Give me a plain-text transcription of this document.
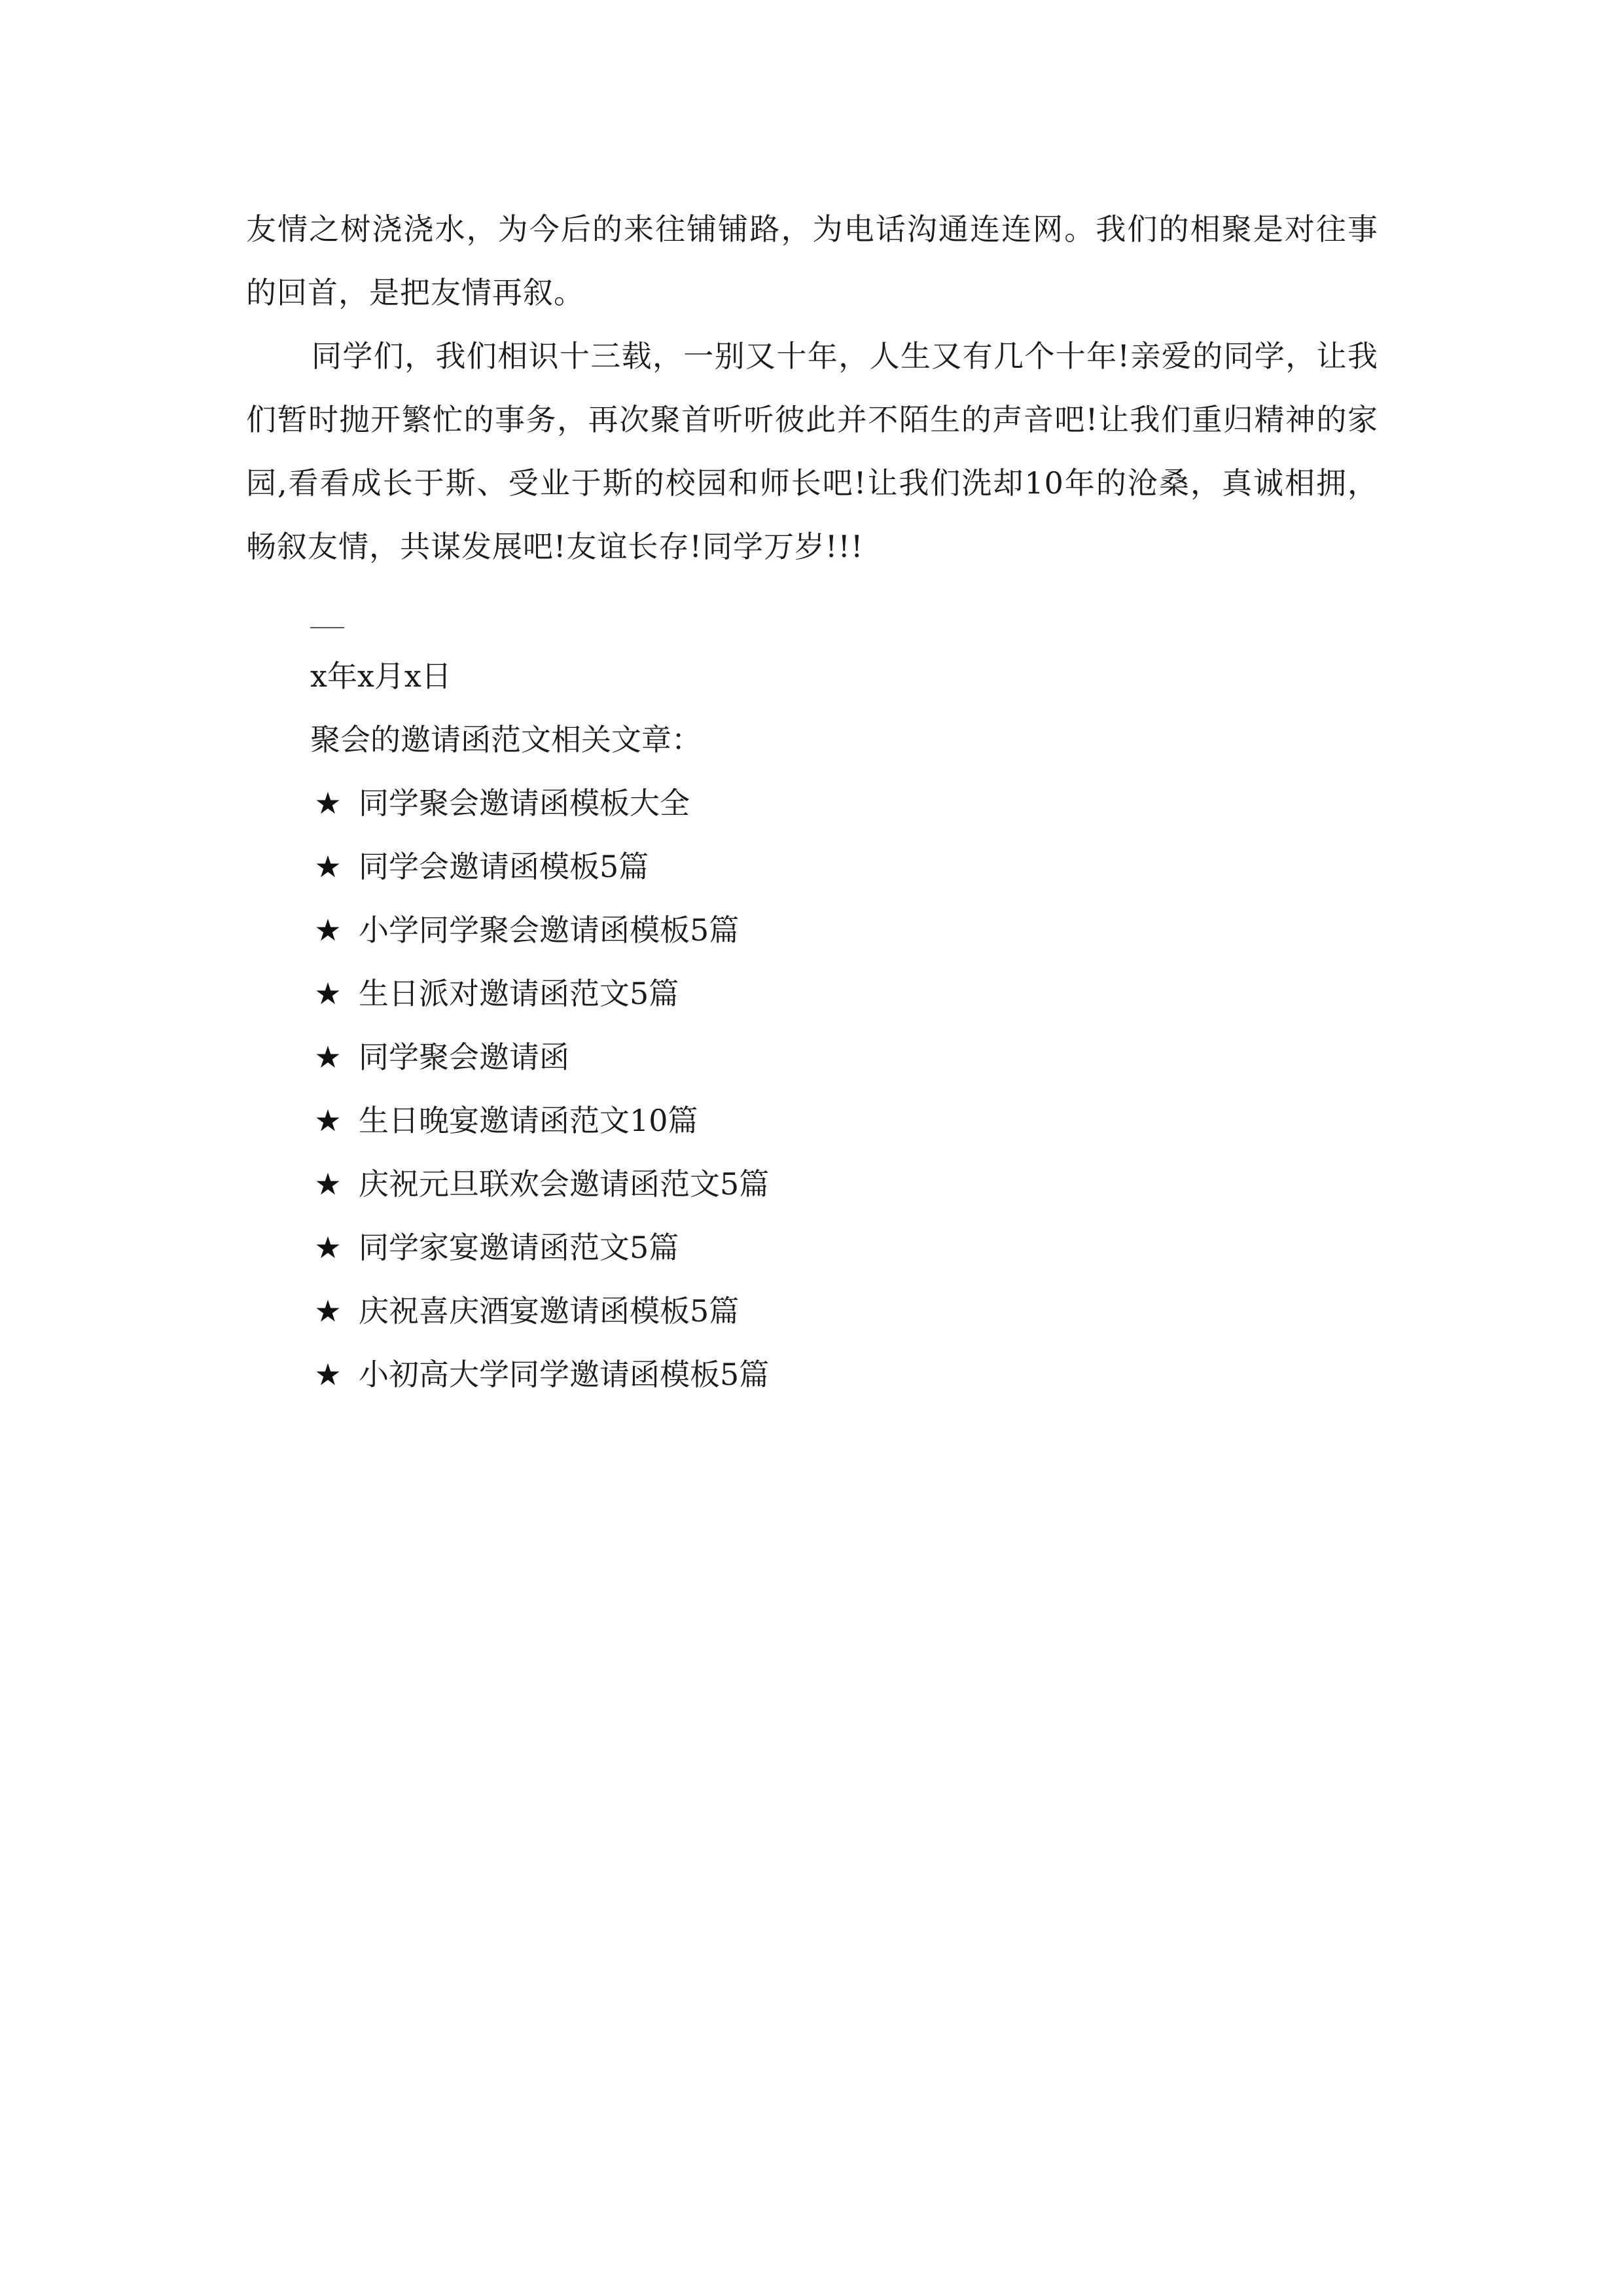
友情之树浇浇水，为今后的来往铺铺路，为电话沟通连连网。我们的相聚是对往事的回首，是把友情再叙。
同学们，我们相识十三载，一别又十年，人生又有几个十年!亲爱的同学，让我们暂时抛开繁忙的事务，再次聚首听听彼此并不陌生的声音吧!让我们重归精神的家园,看看成长于斯、受业于斯的校园和师长吧!让我们洗却10年的沧桑，真诚相拥，畅叙友情，共谋发展吧!友谊长存!同学万岁!!!
x年x月x日
聚会的邀请函范文相关文章：
★ 同学聚会邀请函模板大全
★ 同学会邀请函模板5篇
★ 小学同学聚会邀请函模板5篇
★ 生日派对邀请函范文5篇
★ 同学聚会邀请函
★ 生日晚宴邀请函范文10篇
★ 庆祝元旦联欢会邀请函范文5篇
★ 同学家宴邀请函范文5篇
★ 庆祝喜庆酒宴邀请函模板5篇
★ 小初高大学同学邀请函模板5篇
